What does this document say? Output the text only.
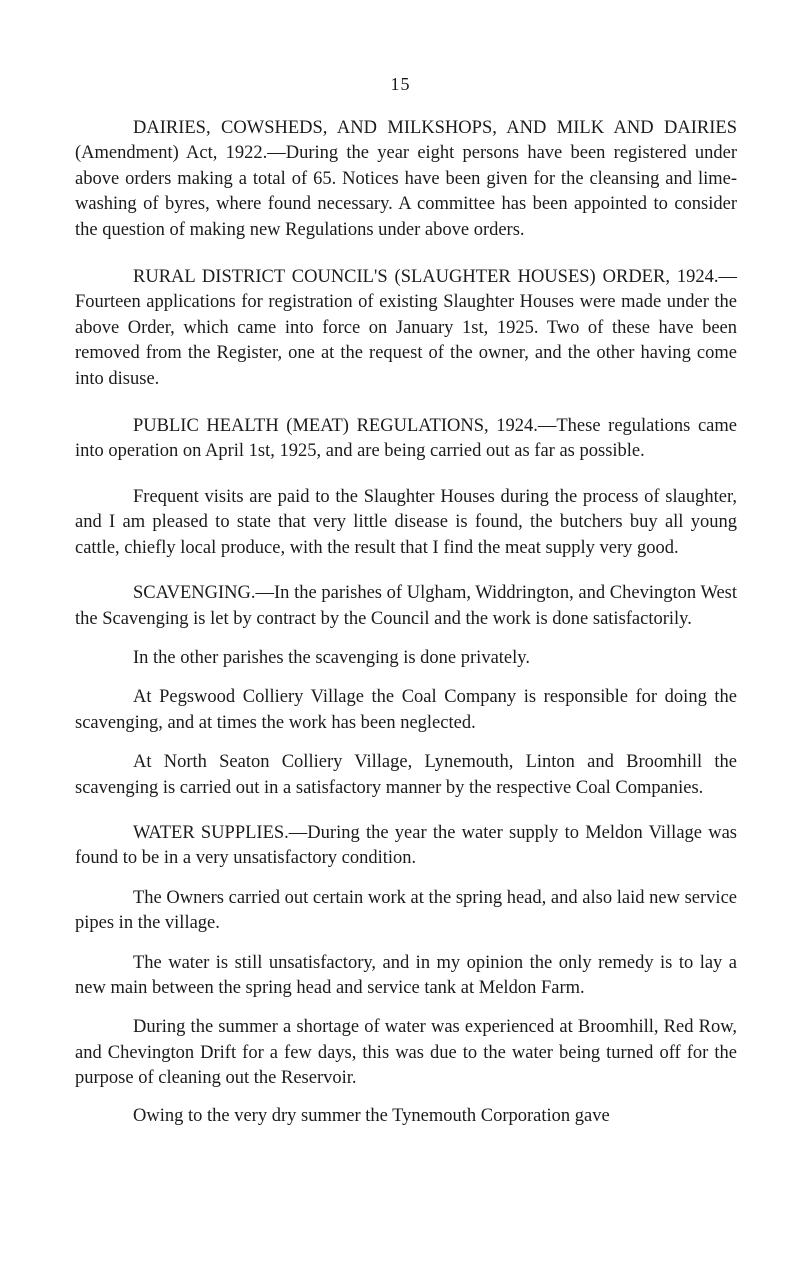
15

DAIRIES, COWSHEDS, AND MILKSHOPS, AND MILK AND DAIRIES (Amendment) Act, 1922.—During the year eight persons have been registered under above orders making a total of 65. Notices have been given for the cleansing and lime-washing of byres, where found necessary. A committee has been appointed to consider the question of making new Regulations under above orders.

RURAL DISTRICT COUNCIL'S (SLAUGHTER HOUSES) ORDER, 1924.—Fourteen applications for registration of existing Slaughter Houses were made under the above Order, which came into force on January 1st, 1925. Two of these have been removed from the Register, one at the request of the owner, and the other having come into disuse.

PUBLIC HEALTH (MEAT) REGULATIONS, 1924.—These regulations came into operation on April 1st, 1925, and are being carried out as far as possible.

Frequent visits are paid to the Slaughter Houses during the process of slaughter, and I am pleased to state that very little disease is found, the butchers buy all young cattle, chiefly local produce, with the result that I find the meat supply very good.

SCAVENGING.—In the parishes of Ulgham, Widdrington, and Chevington West the Scavenging is let by contract by the Council and the work is done satisfactorily.

In the other parishes the scavenging is done privately.

At Pegswood Colliery Village the Coal Company is responsible for doing the scavenging, and at times the work has been neglected.

At North Seaton Colliery Village, Lynemouth, Linton and Broomhill the scavenging is carried out in a satisfactory manner by the respective Coal Companies.

WATER SUPPLIES.—During the year the water supply to Meldon Village was found to be in a very unsatisfactory condition.

The Owners carried out certain work at the spring head, and also laid new service pipes in the village.

The water is still unsatisfactory, and in my opinion the only remedy is to lay a new main between the spring head and service tank at Meldon Farm.

During the summer a shortage of water was experienced at Broomhill, Red Row, and Chevington Drift for a few days, this was due to the water being turned off for the purpose of cleaning out the Reservoir.

Owing to the very dry summer the Tynemouth Corporation gave
